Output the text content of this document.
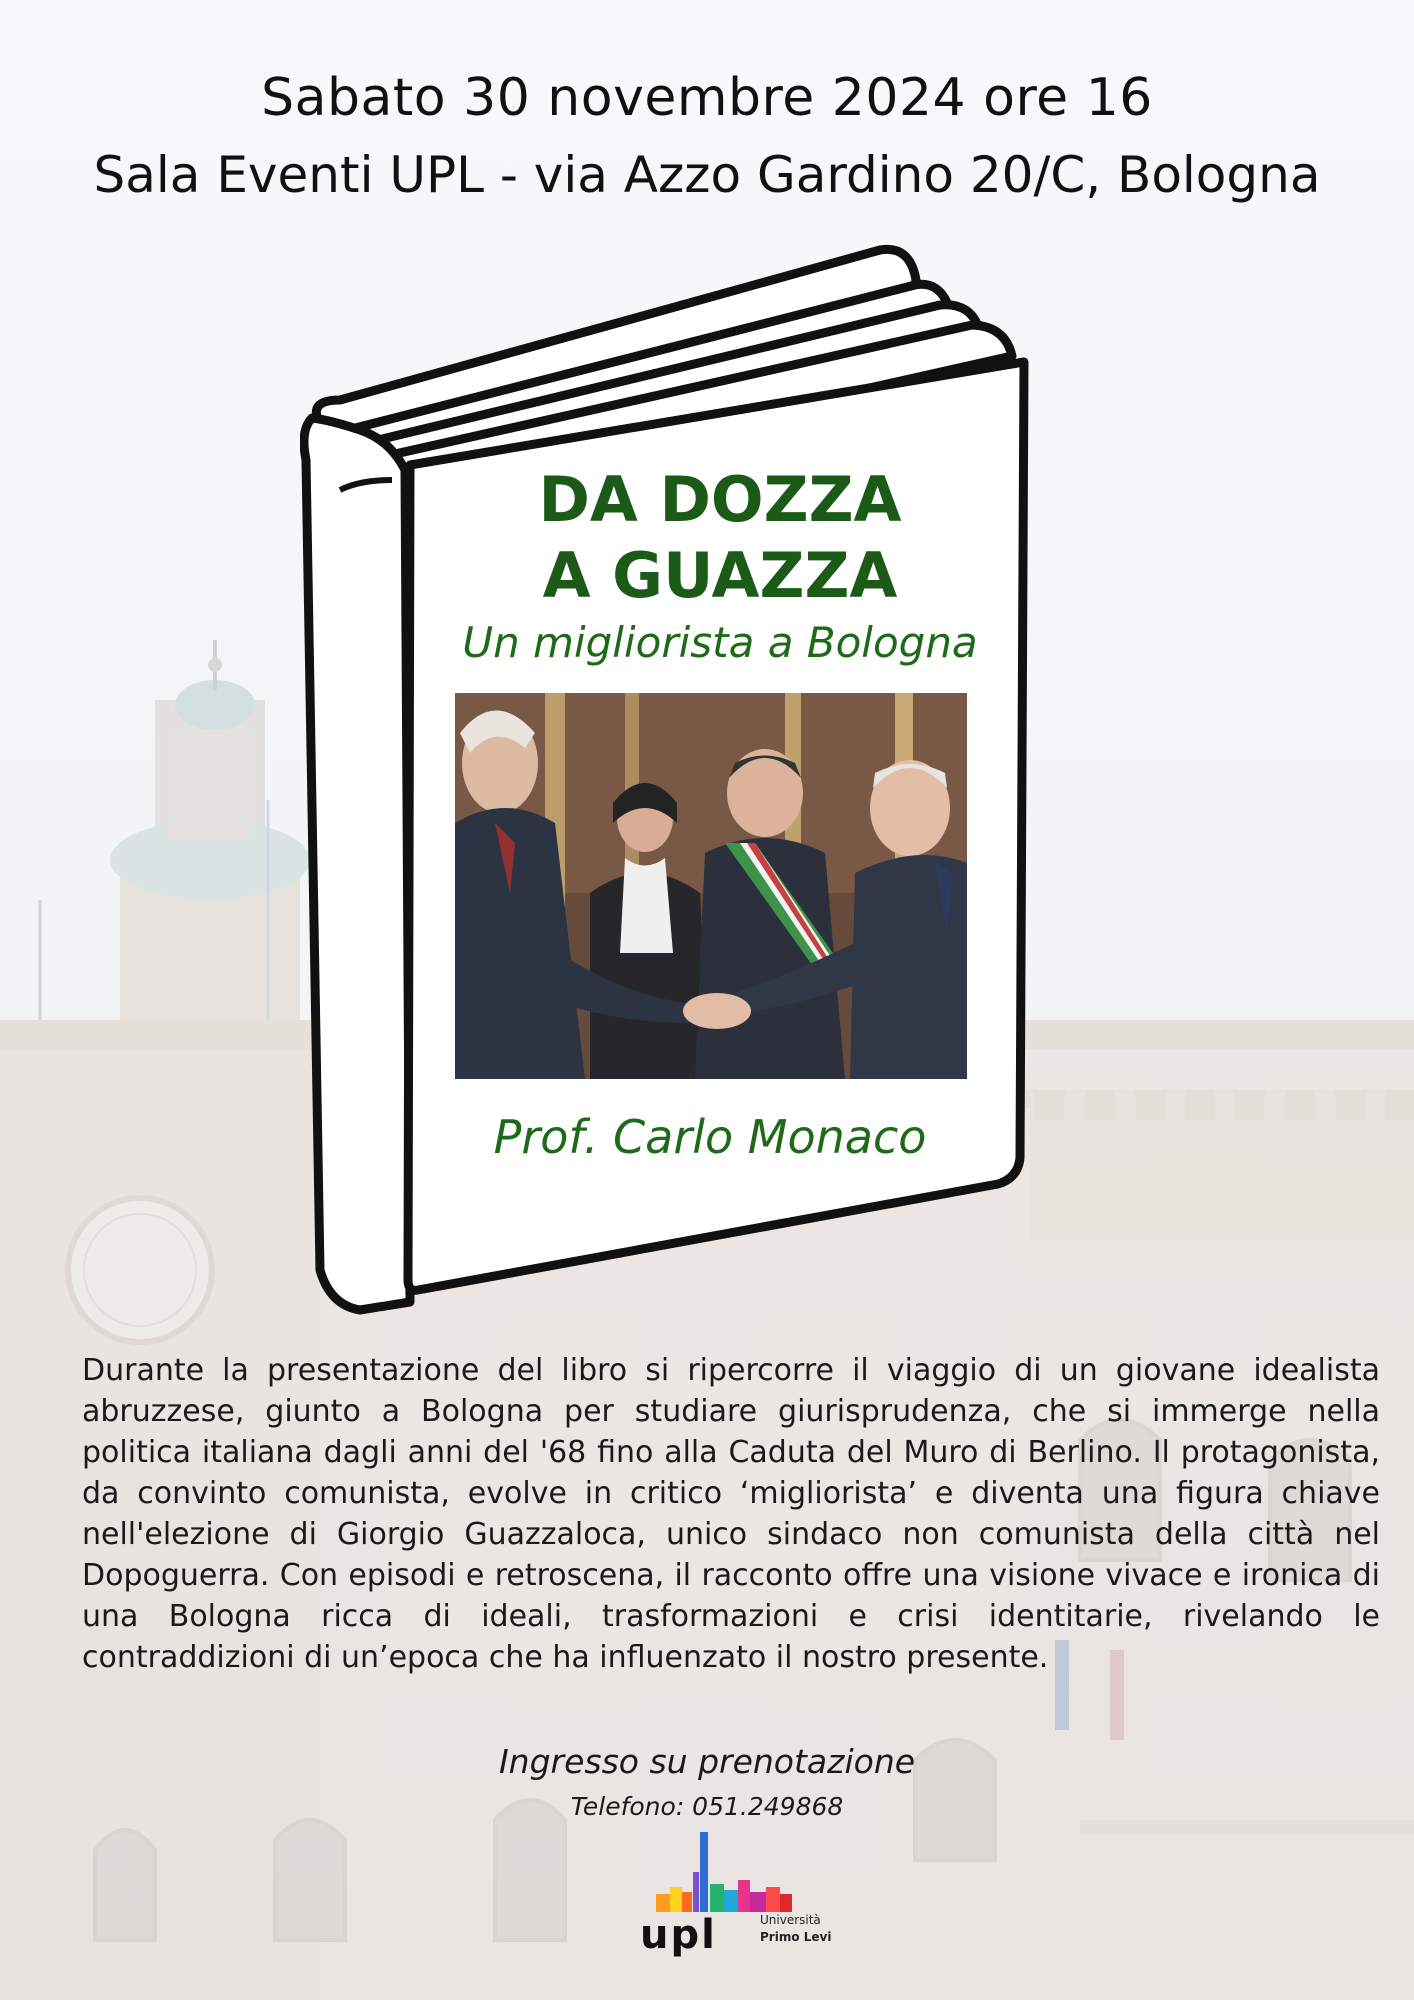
Sabato 30 novembre 2024 ore 16
Sala Eventi UPL - via Azzo Gardino 20/C, Bologna
DA DOZZA
A GUAZZA
Un migliorista a Bologna
Prof. Carlo Monaco
Durante la presentazione del libro si ripercorre il viaggio di un giovane idealista abruzzese, giunto a Bologna per studiare giurisprudenza, che si immerge nella politica italiana dagli anni del '68 fino alla Caduta del Muro di Berlino. Il protagonista, da convinto comunista, evolve in critico ‘migliorista’ e diventa una figura chiave nell'elezione di Giorgio Guazzaloca, unico sindaco non comunista della città nel Dopoguerra. Con episodi e retroscena, il racconto offre una visione vivace e ironica di una Bologna ricca di ideali, trasformazioni e crisi identitarie, rivelando le contraddizioni di un’epoca che ha influenzato il nostro presente.
Ingresso su prenotazione
Telefono: 051.249868
upl	Università
Primo Levi
